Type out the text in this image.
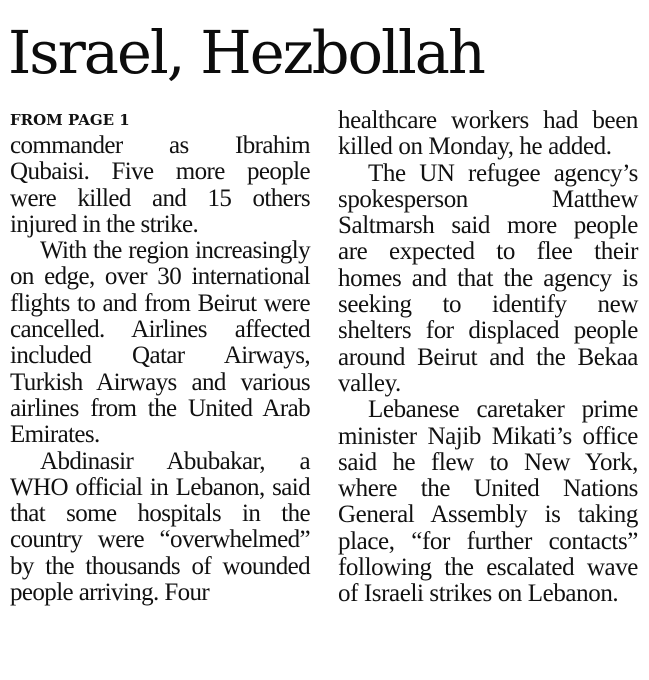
Israel, Hezbollah
FROM PAGE 1

commander as Ibrahim Qubaisi. Five more people were killed and 15 others injured in the strike.

With the region increasingly on edge, over 30 international flights to and from Beirut were cancelled. Airlines affected included Qatar Airways, Turkish Airways and various airlines from the United Arab Emirates.

Abdinasir Abubakar, a WHO official in Lebanon, said that some hospitals in the country were “overwhelmed” by the thousands of wounded people arriving. Four

healthcare workers had been killed on Monday, he added.

The UN refugee agency’s spokesperson Matthew Saltmarsh said more people are expected to flee their homes and that the agency is seeking to identify new shelters for displaced people around Beirut and the Bekaa valley.

Lebanese caretaker prime minister Najib Mikati’s office said he flew to New York, where the United Nations General Assembly is taking place, “for further contacts” following the escalated wave of Israeli strikes on Lebanon.
